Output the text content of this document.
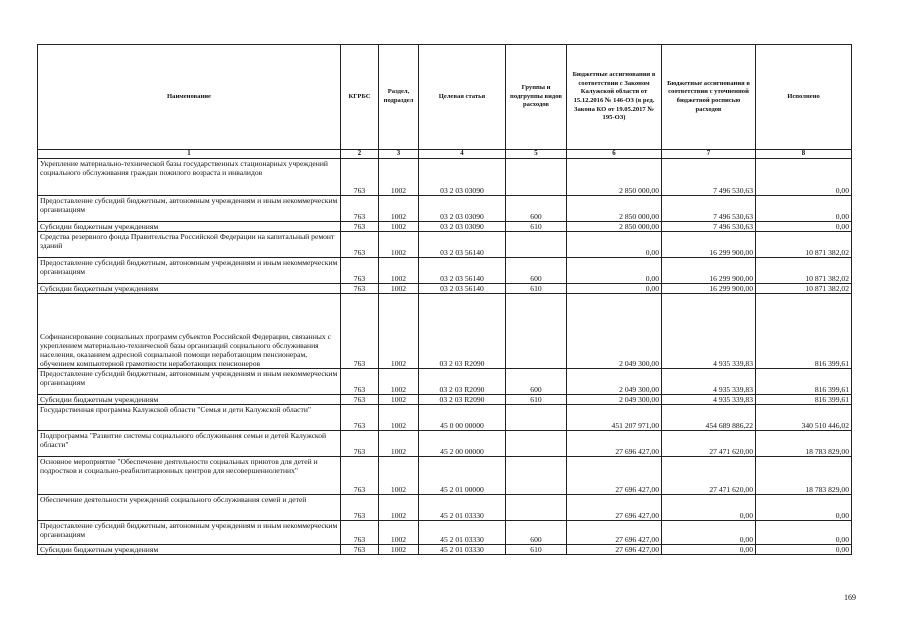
Наименование	КГРБС	Раздел, подраздел	Целевая статья	Группы и подгруппы видов расходов	Бюджетные ассигнования в соответствии с Законом Калужской области от 15.12.2016 № 146-ОЗ (в ред. Закона КО от 19.05.2017 № 195-ОЗ)	Бюджетные ассигнования в соответствии с уточненной бюджетной росписью расходов	Исполнено
1	2	3	4	5	6	7	8
Укрепление материально-технической базы государственных стационарных учреждений социального обслуживания граждан пожилого возраста и инвалидов	763	1002	03 2 03 03090		2 850 000,00	7 496 530,63	0,00
Предоставление субсидий бюджетным, автономным учреждениям и иным некоммерческим организациям	763	1002	03 2 03 03090	600	2 850 000,00	7 496 530,63	0,00
Субсидии бюджетным учреждениям	763	1002	03 2 03 03090	610	2 850 000,00	7 496 530,63	0,00
Средства резервного фонда Правительства Российской Федерации на капитальный ремонт зданий	763	1002	03 2 03 56140		0,00	16 299 900,00	10 871 382,02
Предоставление субсидий бюджетным, автономным учреждениям и иным некоммерческим организациям	763	1002	03 2 03 56140	600	0,00	16 299 900,00	10 871 382,02
Субсидии бюджетным учреждениям	763	1002	03 2 03 56140	610	0,00	16 299 900,00	10 871 382,02
Софинансирование социальных программ субъектов Российской Федерации, связанных с укреплением материально-технической базы организаций социального обслуживания населения, оказанием адресной социальной помощи неработающим пенсионерам, обучением компьютерной грамотности неработающих пенсионеров	763	1002	03 2 03 R2090		2 049 300,00	4 935 339,83	816 399,61
Предоставление субсидий бюджетным, автономным учреждениям и иным некоммерческим организациям	763	1002	03 2 03 R2090	600	2 049 300,00	4 935 339,83	816 399,61
Субсидии бюджетным учреждениям	763	1002	03 2 03 R2090	610	2 049 300,00	4 935 339,83	816 399,61
Государственная программа Калужской области "Семья и дети Калужской области"	763	1002	45 0 00 00000		451 207 971,00	454 689 886,22	340 510 446,02
Подпрограмма "Развитие системы социального обслуживания семьи и детей Калужской области"	763	1002	45 2 00 00000		27 696 427,00	27 471 620,00	18 783 829,00
Основное мероприятие "Обеспечение деятельности социальных приютов для детей и подростков и социально-реабилитационных центров для несовершеннолетних"	763	1002	45 2 01 00000		27 696 427,00	27 471 620,00	18 783 829,00
Обеспечение деятельности учреждений социального обслуживания семей и детей	763	1002	45 2 01 03330		27 696 427,00	0,00	0,00
Предоставление субсидий бюджетным, автономным учреждениям и иным некоммерческим организациям	763	1002	45 2 01 03330	600	27 696 427,00	0,00	0,00
Субсидии бюджетным учреждениям	763	1002	45 2 01 03330	610	27 696 427,00	0,00	0,00
169
